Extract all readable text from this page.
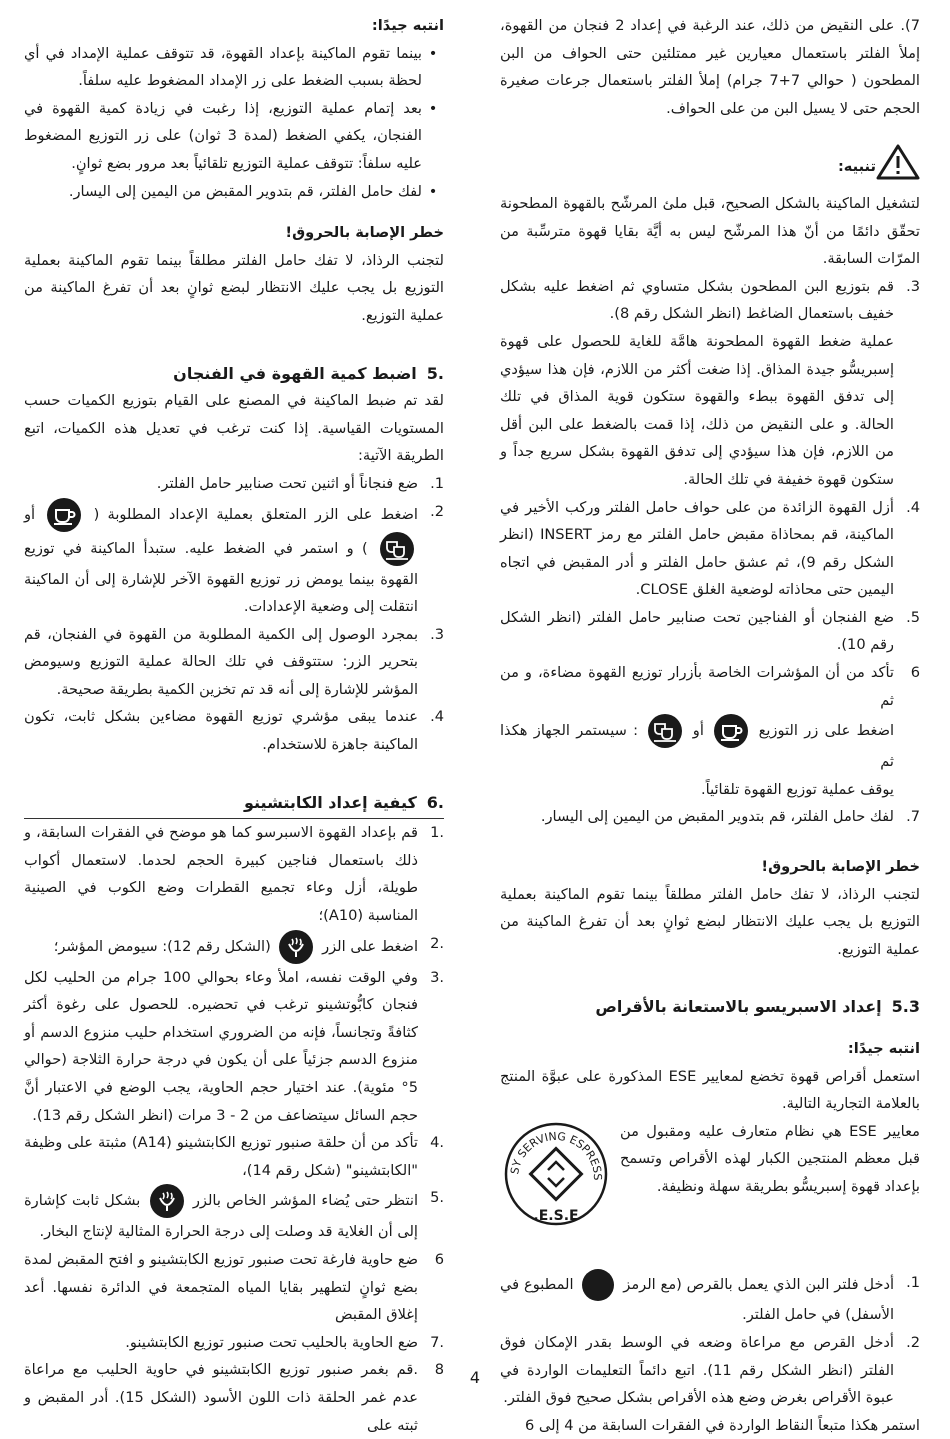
7). على النقيض من ذلك، عند الرغبة في إعداد 2 فنجان من القهوة، إملأ الفلتر باستعمال معيارين غير ممتلئين حتى الحواف من البن المطحون ( حوالي 7+7 جرام) إملأ الفلتر باستعمال جرعات صغيرة الحجم حتى لا يسيل البن من على الحواف.

تنبيه:

لتشغيل الماكينة بالشكل الصحيح، قبل ملئ المرشّح بالقهوة المطحونة تحقّق دائمًا من أنّ هذا المرشّح ليس به أيَّة بقايا قهوة مترسِّبة من المرّات السابقة.

3.
قم بتوزيع البن المطحون بشكل متساوي ثم اضغط عليه بشكل خفيف باستعمال الضاغط (انظر الشكل رقم 8).
عملية ضغط القهوة المطحونة هامَّة للغاية للحصول على قهوة إسبريسُّو جيدة المذاق. إذا ضغت أكثر من اللازم، فإن هذا سيؤدي إلى تدفق القهوة ببطء والقهوة ستكون قوية المذاق في تلك الحالة. و على النقيض من ذلك، إذا قمت بالضغط على البن أقل من اللازم، فإن هذا سيؤدي إلى تدفق القهوة بشكل سريع جداً و ستكون قهوة خفيفة في تلك الحالة.
4.
أزل القهوة الزائدة من على حواف حامل الفلتر وركب الأخير في الماكينة، قم بمحاذاة مقبض حامل الفلتر مع رمز INSERT (انظر الشكل رقم 9)، ثم عشق حامل الفلتر و أدر المقبض في اتجاه اليمين حتى محاذاته لوضعية الغلق CLOSE.
5.
ضع الفنجان أو الفناجين تحت صنابير حامل الفلتر (انظر الشكل رقم 10).
6
تأكد من أن المؤشرات الخاصة بأزرار توزيع القهوة مضاءة، و من ثم
اضغط على زر التوزيع
أو
: سيستمر الجهاز هكذا ثم
يوقف عملية توزيع القهوة تلقائياً.
7.
لفك حامل الفلتر، قم بتدوير المقبض من اليمين إلى اليسار.

خطر الإصابة بالحروق!

لتجنب الرذاذ، لا تفك حامل الفلتر مطلقاً بينما تقوم الماكينة بعملية التوزيع بل يجب عليك الانتظار لبضع ثوانٍ بعد أن تفرغ الماكينة من عملية التوزيع.

5.3إعداد الاسبريسو بالاستعانة بالأقراص

انتبه جيدًا:

استعمل أقراص قهوة تخضع لمعايير ESE المذكورة على عبوَّة المنتج بالعلامة التجارية التالية.

معايير ESE هي نظام متعارف عليه ومقبول من قبل معظم المنتجين الكبار لهذه الأقراص وتسمح بإعداد قهوة إسبريسُّو بطريقة سهلة ونظيفة.
SY SERVING ESPRESS
E.S.E.
1.
أدخل فلتر البن الذي يعمل بالقرص (مع الرمز  المطبوع في الأسفل) في حامل الفلتر.
2.
أدخل القرص مع مراعاة وضعه في الوسط بقدر الإمكان فوق الفلتر (انظر الشكل رقم 11). اتبع دائماً التعليمات الواردة في عبوة الأقراص بغرض وضع هذه الأقراص بشكل صحيح فوق الفلتر.

استمر هكذا متبعاً النقاط الواردة في الفقرات السابقة من 4 إلى 6

انتبه جيدًا:

•
بينما تقوم الماكينة بإعداد القهوة، قد تتوقف عملية الإمداد في أي لحظة بسبب الضغط على زر الإمداد المضغوط عليه سلفاً.
•
بعد إتمام عملية التوزيع، إذا رغبت في زيادة كمية القهوة في الفنجان، يكفي الضغط (لمدة 3 ثوان) على زر التوزيع المضغوط عليه سلفاً: تتوقف عملية التوزيع تلقائياً بعد مرور بضع ثوانٍ.
•
لفك حامل الفلتر، قم بتدوير المقبض من اليمين إلى اليسار.

خطر الإصابة بالحروق!

لتجنب الرذاذ، لا تفك حامل الفلتر مطلقاً بينما تقوم الماكينة بعملية التوزيع بل يجب عليك الانتظار لبضع ثوانٍ بعد أن تفرغ الماكينة من عملية التوزيع.

.5اضبط كمية القهوة في الفنجان

لقد تم ضبط الماكينة في المصنع على القيام بتوزيع الكميات حسب المستويات القياسية. إذا كنت ترغب في تعديل هذه الكميات، اتبع الطريقة الآتية:

1.
ضع فنجاناً أو اثنين تحت صنابير حامل الفلتر.
2.
اضغط على الزر المتعلق بعملية الإعداد المطلوبة (
أو
) و استمر في الضغط عليه. ستبدأ الماكينة في توزيع القهوة بينما يومض زر توزيع القهوة الآخر للإشارة إلى أن الماكينة انتقلت إلى وضعية الإعدادات.
3.
بمجرد الوصول إلى الكمية المطلوبة من القهوة في الفنجان، قم بتحرير الزر: ستتوقف في تلك الحالة عملية التوزيع وسيومض المؤشر للإشارة إلى أنه قد تم تخزين الكمية بطريقة صحيحة.
4.
عندما يبقى مؤشري توزيع القهوة مضاءين بشكل ثابت، تكون الماكينة جاهزة للاستخدام.

.6كيفية إعداد الكابتشينو

.1
قم بإعداد القهوة الاسبرسو كما هو موضح في الفقرات السابقة، و ذلك باستعمال فناجين كبيرة الحجم لحدما. لاستعمال أكواب طويلة، أزل وعاء تجميع القطرات وضع الكوب في الصينية المناسبة (A10)؛
.2
اضغط على الزر
(الشكل رقم 12): سيومض المؤشر؛
.3
وفي الوقت نفسه، املأ وعاء بحوالي 100 جرام من الحليب لكل فنجان كابُّوتشينو ترغب في تحضيره. للحصول على رغوة أكثر كثافةً وتجانساً، فإنه من الضروري استخدام حليب منزوع الدسم أو منزوع الدسم جزئياً على أن يكون في درجة حرارة الثلاجة (حوالي 5° مئوية). عند اختيار حجم الحاوية، يجب الوضع في الاعتبار أنَّ حجم السائل سيتضاعف من 2 - 3 مرات (انظر الشكل رقم 13).
.4
تأكد من أن حلقة صنبور توزيع الكابتشينو (A14) مثبتة على وظيفة "الكابتشينو" (شكل رقم 14)،
.5
انتظر حتى يُضاء المؤشر الخاص بالزر
بشكل ثابت كإشارة إلى أن الغلاية قد وصلت إلى درجة الحرارة المثالية لإنتاج البخار.
6
ضع حاوية فارغة تحت صنبور توزيع الكابتشينو و افتح المقبض لمدة بضع ثوانٍ لتطهير بقايا المياه المتجمعة في الدائرة نفسها. أعد إغلاق المقبض
.7
ضع الحاوية بالحليب تحت صنبور توزيع الكابتشينو.
8
.قم بغمر صنبور توزيع الكابتشينو في حاوية الحليب مع مراعاة عدم غمر الحلقة ذات اللون الأسود (الشكل 15). أدر المقبض و ثبته على
4
